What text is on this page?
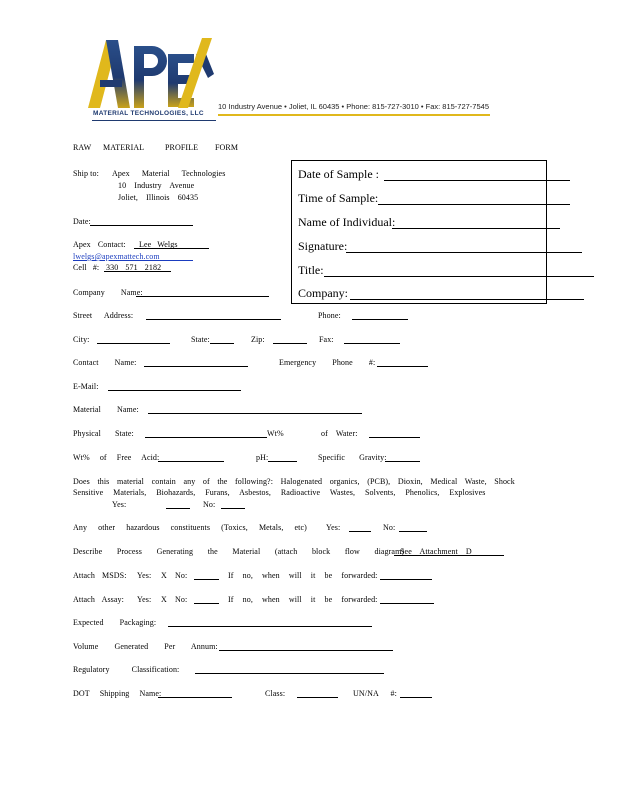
MATERIAL TECHNOLOGIES, LLC
10 Industry Avenue • Joliet, IL 60435 • Phone: 815-727-3010 • Fax: 815-727-7545
RAW MATERIAL	PROFILE FORM
Ship to: Apex Material Technologies
10 Industry Avenue
Joliet, Illinois 60435
Date:
Apex Contact: Lee Welgs
lwelgs@apexmattech.com
Cell #: 330 571 2182
Date of Sample :
Time of Sample:
Name of Individual:
Signature:
Title:
Company:
Company Name:
Street Address:	Phone:
City:	State:	Zip:	Fax:
Contact Name:	Emergency Phone #:
E-Mail:
Material Name:
Physical State:	Wt%	of Water:
Wt% of Free Acid:	pH:	Specific Gravity:
Does this material contain any of the following?: Halogenated organics, (PCB), Dioxin, Medical Waste, Shock
Sensitive Materials, Biohazards, Furans, Asbestos, Radioactive Wastes, Solvents, Phenolics, Explosives
Yes:	No:
Any other hazardous constituents (Toxics, Metals, etc) Yes:	No:
Describe Process Generating the Material (attach block flow diagram)
See Attachment D
Attach MSDS: Yes: X No:	If no, when will it be forwarded:
Attach Assay: Yes: X No:	If no, when will it be forwarded:
Expected Packaging:
Volume Generated Per Annum:
Regulatory Classification:
DOT Shipping Name:	Class:	UN/NA #:
